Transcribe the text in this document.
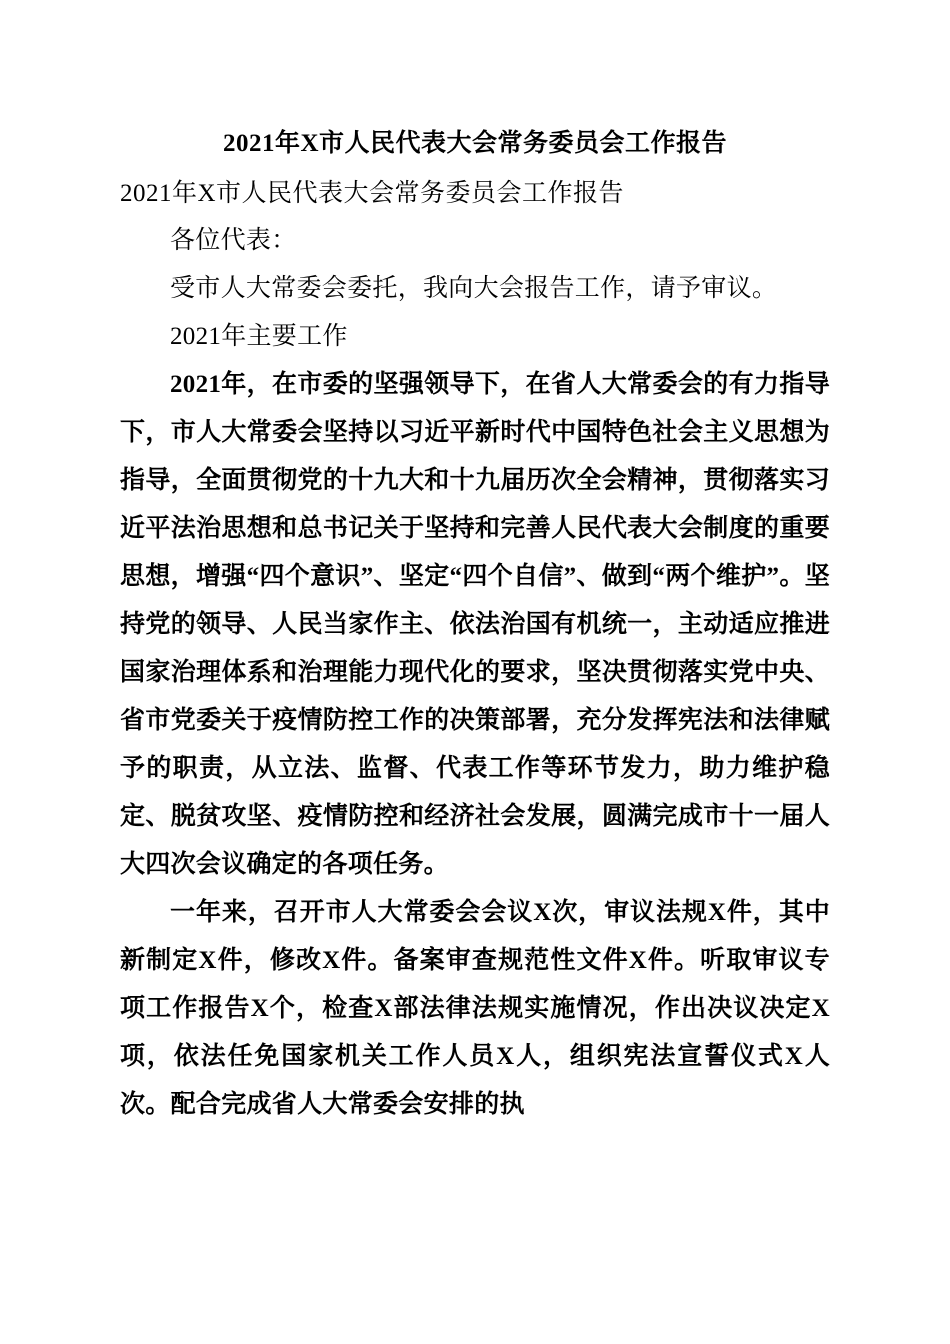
2021年X市人民代表大会常务委员会工作报告
2021年X市人民代表大会常务委员会工作报告
各位代表：
受市人大常委会委托，我向大会报告工作，请予审议。
2021年主要工作
2021年，在市委的坚强领导下，在省人大常委会的有力指导下，市人大常委会坚持以习近平新时代中国特色社会主义思想为指导，全面贯彻党的十九大和十九届历次全会精神，贯彻落实习近平法治思想和总书记关于坚持和完善人民代表大会制度的重要思想，增强“四个意识”、坚定“四个自信”、做到“两个维护”。坚持党的领导、人民当家作主、依法治国有机统一，主动适应推进国家治理体系和治理能力现代化的要求，坚决贯彻落实党中央、省市党委关于疫情防控工作的决策部署，充分发挥宪法和法律赋予的职责，从立法、监督、代表工作等环节发力，助力维护稳定、脱贫攻坚、疫情防控和经济社会发展，圆满完成市十一届人大四次会议确定的各项任务。
一年来，召开市人大常委会会议X次，审议法规X件，其中新制定X件，修改X件。备案审查规范性文件X件。听取审议专项工作报告X个，检查X部法律法规实施情况，作出决议决定X项，依法任免国家机关工作人员X人，组织宪法宣誓仪式X人次。配合完成省人大常委会安排的执
